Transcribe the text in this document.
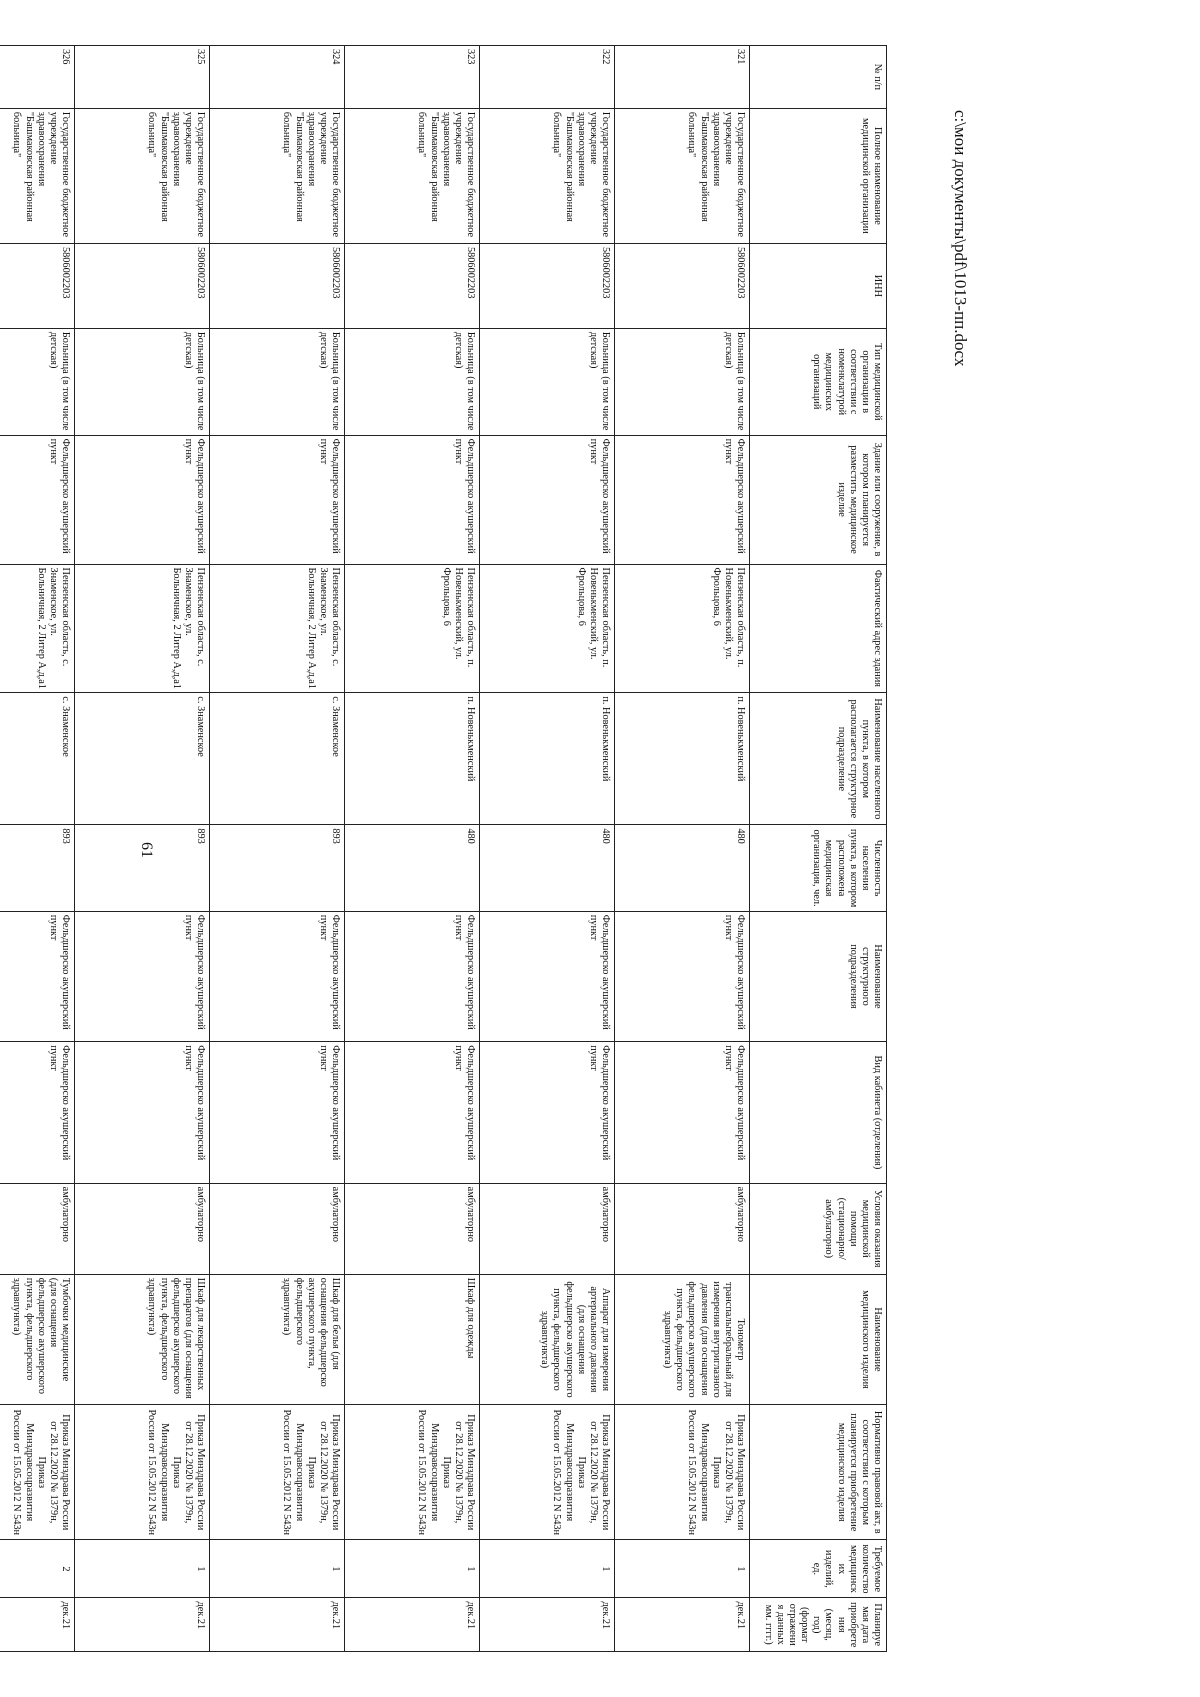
61
№ п/п	Полное наименование медицинской организации	ИНН	Тип медицинской организации в соответствии с номенклатурой медицинских организаций	Здание или сооружение, в котором планируется разместить медицинское изделие	Фактический адрес здания	Наименование населенного пункта, в котором располагается структурное подразделение	Численность населения пункта, в котором расположена медицинская организация, чел.	Наименование структурного подразделения	Вид кабинета (отделения)	Условия оказания медицинской помощи (стационарно/ амбулаторно)	Наименование медицинского изделия	Нормативно правовой акт, в соответствии с которым планируется приобретение медицинского изделия	Требуемое количество медицинских изделий, ед.	Планируемая дата приобретения (месяц, год) (формат отражения данных мм. гггг.)
321	Государственное бюджетное учреждение здравоохранения "Башмаковская районная больница"	5806002203	Больница (в том числе детская)	Фельдшерско акушерский пункт	Пензенская область, п. Новенькменский, ул. Фрольцова, 6	п. Новенькменский	480	Фельдшерско акушерский пункт	Фельдшерско акушерский пункт	амбулаторно	Тонометр транспальпебральный для измерения внутриглазного давления (для оснащения фельдшерско акушерского пункта, фельдшерского здравпункта)	Приказ Минздрава России от 28.12.2020 № 1379н, Приказ Минздравсоцразвития России от 15.05.2012 N 543н	1	дек.21
322	Государственное бюджетное учреждение здравоохранения "Башмаковская районная больница"	5806002203	Больница (в том числе детская)	Фельдшерско акушерский пункт	Пензенская область, п. Новенькменский, ул. Фрольцова, 6	п. Новенькменский	480	Фельдшерско акушерский пункт	Фельдшерско акушерский пункт	амбулаторно	Аппарат для измерения артериального давления (для оснащения фельдшерско акушерского пункта, фельдшерского здравпункта)	Приказ Минздрава России от 28.12.2020 № 1379н, Приказ Минздравсоцразвития России от 15.05.2012 N 543н	1	дек.21
323	Государственное бюджетное учреждение здравоохранения "Башмаковская районная больница"	5806002203	Больница (в том числе детская)	Фельдшерско акушерский пункт	Пензенская область, п. Новенькменский, ул. Фрольцова, 6	п. Новенькменский	480	Фельдшерско акушерский пункт	Фельдшерско акушерский пункт	амбулаторно	Шкаф для одежды	Приказ Минздрава России от 28.12.2020 № 1379н, Приказ Минздравсоцразвития России от 15.05.2012 N 543н	1	дек.21
324	Государственное бюджетное учреждение здравоохранения "Башмаковская районная больница"	5806002203	Больница (в том числе детская)	Фельдшерско акушерский пункт	Пензенская область, с. Знаменское, ул. Больничная, 2 Литер А,д,а1	с. Знаменское	893	Фельдшерско акушерский пункт	Фельдшерско акушерский пункт	амбулаторно	Шкаф для белья (для оснащения фельдшерско акушерского пункта, фельдшерского здравпункта)	Приказ Минздрава России от 28.12.2020 № 1379н, Приказ Минздравсоцразвития России от 15.05.2012 N 543н	1	дек.21
325	Государственное бюджетное учреждение здравоохранения "Башмаковская районная больница"	5806002203	Больница (в том числе детская)	Фельдшерско акушерский пункт	Пензенская область, с. Знаменское, ул. Больничная, 2 Литер А,д,а1	с. Знаменское	893	Фельдшерско акушерский пункт	Фельдшерско акушерский пункт	амбулаторно	Шкаф для лекарственных препаратов (для оснащения фельдшерско акушерского пункта, фельдшерского здравпункта)	Приказ Минздрава России от 28.12.2020 № 1379н, Приказ Минздравсоцразвития России от 15.05.2012 N 543н	1	дек.21
326	Государственное бюджетное учреждение здравоохранения "Башмаковская районная больница"	5806002203	Больница (в том числе детская)	Фельдшерско акушерский пункт	Пензенская область, с. Знаменское, ул. Больничная, 2 Литер А,д,а1	с. Знаменское	893	Фельдшерско акушерский пункт	Фельдшерско акушерский пункт	амбулаторно	Тумбочки медицинские (для оснащения фельдшерско акушерского пункта, фельдшерского здравпункта)	Приказ Минздрава России от 28.12.2020 № 1379н, Приказ Минздравсоцразвития России от 15.05.2012 N 543н	2	дек.21
c:\мои документы\pdf\1013-пп.docx
